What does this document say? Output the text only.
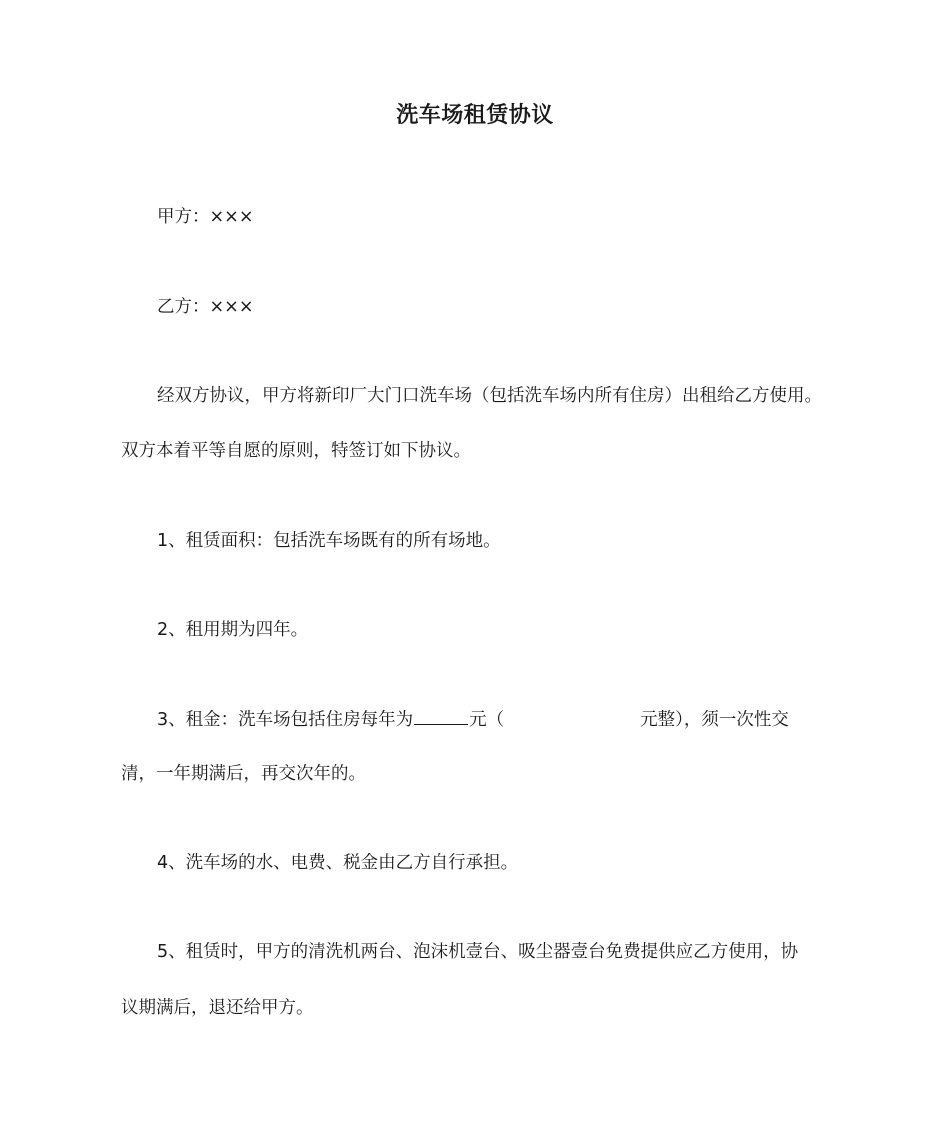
洗车场租赁协议
甲方：×××
乙方：×××
经双方协议，甲方将新印厂大门口洗车场（包括洗车场内所有住房）出租给乙方使用。
双方本着平等自愿的原则，特签订如下协议。
1、租赁面积：包括洗车场既有的所有场地。
2、租用期为四年。
3、租金：洗车场包括住房每年为	元（	元整），须一次性交
清，一年期满后，再交次年的。
4、洗车场的水、电费、税金由乙方自行承担。
5、租赁时，甲方的清洗机两台、泡沫机壹台、吸尘器壹台免费提供应乙方使用，协
议期满后，退还给甲方。
